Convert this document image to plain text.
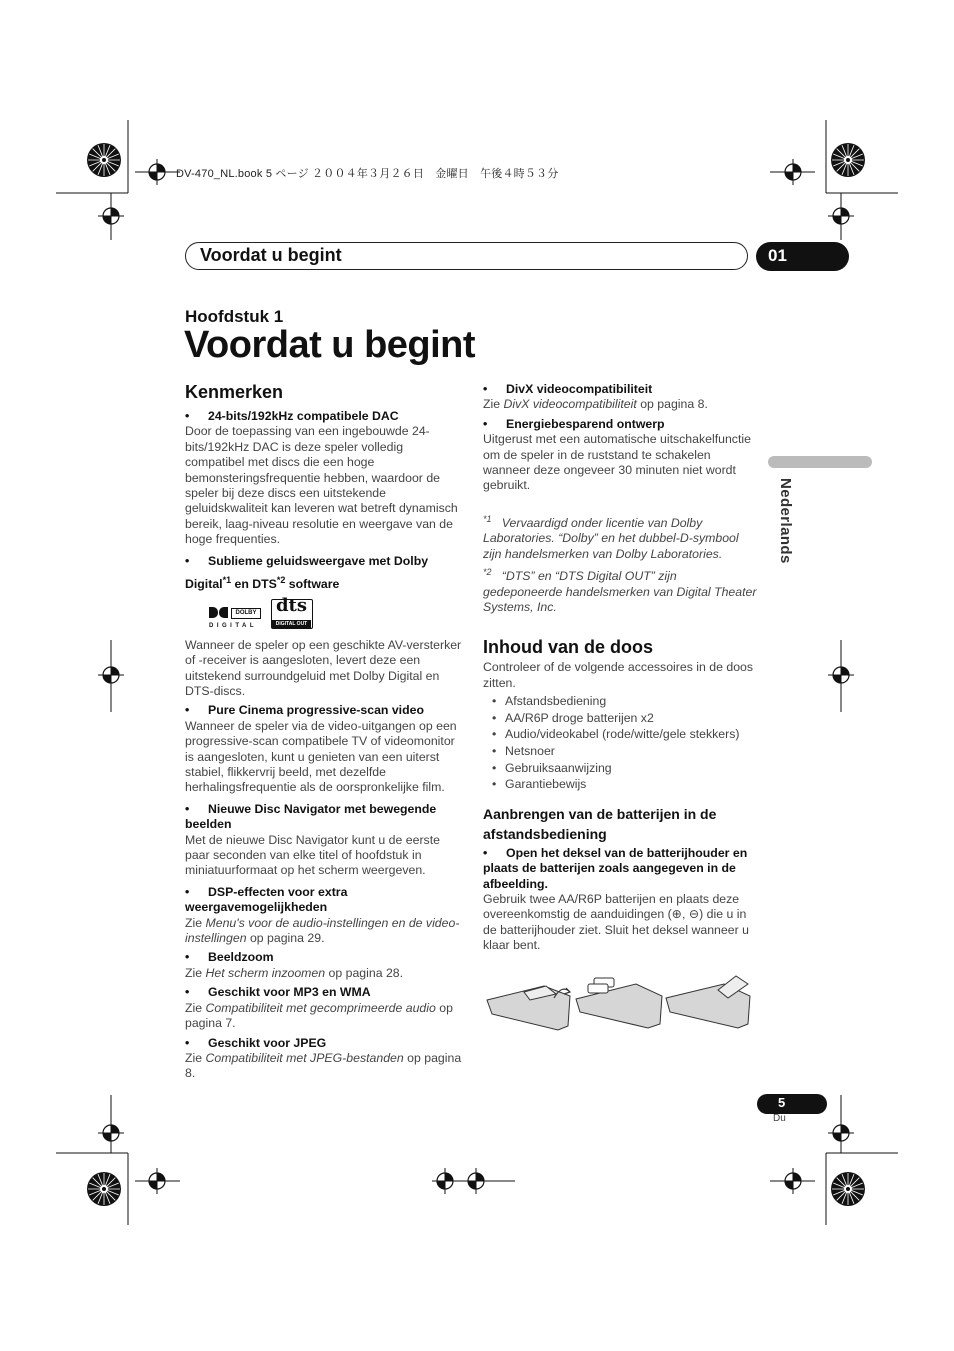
DV-470_NL.book 5 ページ ２００４年３月２６日　金曜日　午後４時５３分
Voordat u begint	01
Hoofdstuk 1
Voordat u begint
Nederlands
Kenmerken
• 24-bits/192kHz compatibele DAC

Door de toepassing van een ingebouwde 24-bits/192kHz DAC is deze speler volledig compatibel met discs die een hoge bemonsteringsfrequentie hebben, waardoor de speler bij deze discs een uitstekende geluidskwaliteit kan leveren wat betreft dynamisch bereik, laag-niveau resolutie en weergave van de hoge frequenties.

• Sublieme geluidsweergave met Dolby Digital$^{*1}$ en DTS$^{*2}$ software
DOLBY
DIGITAL
dts
DIGITAL OUT

Wanneer de speler op een geschikte AV-versterker of -receiver is aangesloten, levert deze een uitstekend surroundgeluid met Dolby Digital en DTS-discs.

• Pure Cinema progressive-scan video

Wanneer de speler via de video-uitgangen op een progressive-scan compatibele TV of videomonitor is aangesloten, kunt u genieten van een uiterst stabiel, flikkervrij beeld, met dezelfde herhalingsfrequentie als de oorspronkelijke film.

• Nieuwe Disc Navigator met bewegende beelden

Met de nieuwe Disc Navigator kunt u de eerste paar seconden van elke titel of hoofdstuk in miniatuurformaat op het scherm weergeven.

• DSP-effecten voor extra weergavemogelijkheden

Zie Menu's voor de audio-instellingen en de video-instellingen op pagina 29.

• Beeldzoom

Zie Het scherm inzoomen op pagina 28.

• Geschikt voor MP3 en WMA

Zie Compatibiliteit met gecomprimeerde audio op pagina 7.

• Geschikt voor JPEG

Zie Compatibiliteit met JPEG-bestanden op pagina 8.

• DivX videocompatibiliteit

Zie DivX videocompatibiliteit op pagina 8.

• Energiebesparend ontwerp

Uitgerust met een automatische uitschakelfunctie om de speler in de ruststand te schakelen wanneer deze ongeveer 30 minuten niet wordt gebruikt.

$^{*1}$ Vervaardigd onder licentie van Dolby Laboratories. “Dolby” en het dubbel-D-symbool zijn handelsmerken van Dolby Laboratories.

$^{*2}$ “DTS” en “DTS Digital OUT” zijn gedeponeerde handelsmerken van Digital Theater Systems, Inc.

Inhoud van de doos

Controleer of de volgende accessoires in de doos zitten.

• Afstandsbediening
• AA/R6P droge batterijen x2
• Audio/videokabel (rode/witte/gele stekkers)
• Netsnoer
• Gebruiksaanwijzing
• Garantiebewijs
Aanbrengen van de batterijen in de afstandsbediening
• Open het deksel van de batterijhouder en plaats de batterijen zoals aangegeven in de afbeelding.

Gebruik twee AA/R6P batterijen en plaats deze overeenkomstig de aanduidingen (⊕, ⊖) die u in de batterijhouder ziet. Sluit het deksel wanneer u klaar bent.

5
Du
